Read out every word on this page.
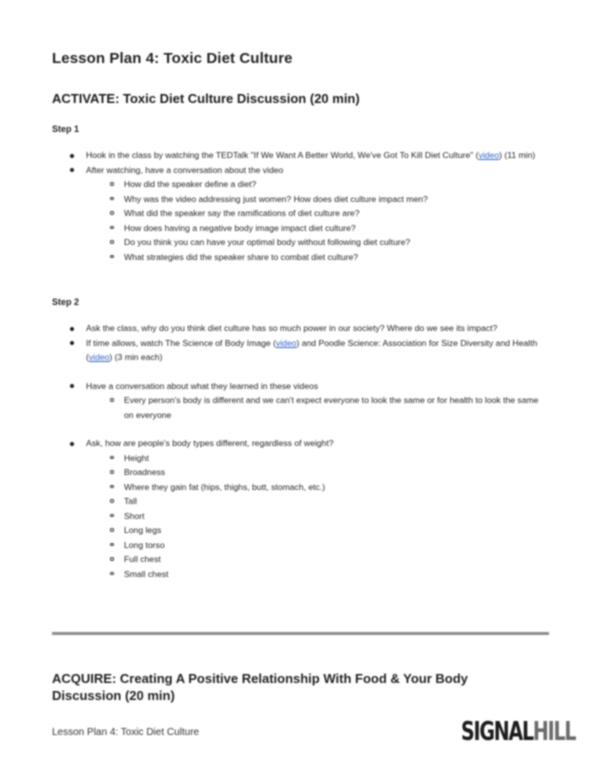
Lesson Plan 4: Toxic Diet Culture
ACTIVATE: Toxic Diet Culture Discussion (20 min)
Step 1
Hook in the class by watching the TEDTalk "If We Want A Better World, We've Got To Kill Diet Culture" (video) (11 min)
After watching, have a conversation about the video
How did the speaker define a diet?
Why was the video addressing just women? How does diet culture impact men?
What did the speaker say the ramifications of diet culture are?
How does having a negative body image impact diet culture?
Do you think you can have your optimal body without following diet culture?
What strategies did the speaker share to combat diet culture?
Step 2
Ask the class, why do you think diet culture has so much power in our society? Where do we see its impact?
If time allows, watch The Science of Body Image (video) and Poodle Science: Association for Size Diversity and Health (video) (3 min each)
Have a conversation about what they learned in these videos
Every person's body is different and we can't expect everyone to look the same or for health to look the same on everyone
Ask, how are people's body types different, regardless of weight?
Height
Broadness
Where they gain fat (hips, thighs, butt, stomach, etc.)
Tall
Short
Long legs
Long torso
Full chest
Small chest
ACQUIRE: Creating A Positive Relationship With Food & Your Body Discussion (20 min)
Lesson Plan 4: Toxic Diet Culture	SIGNAL HILL
